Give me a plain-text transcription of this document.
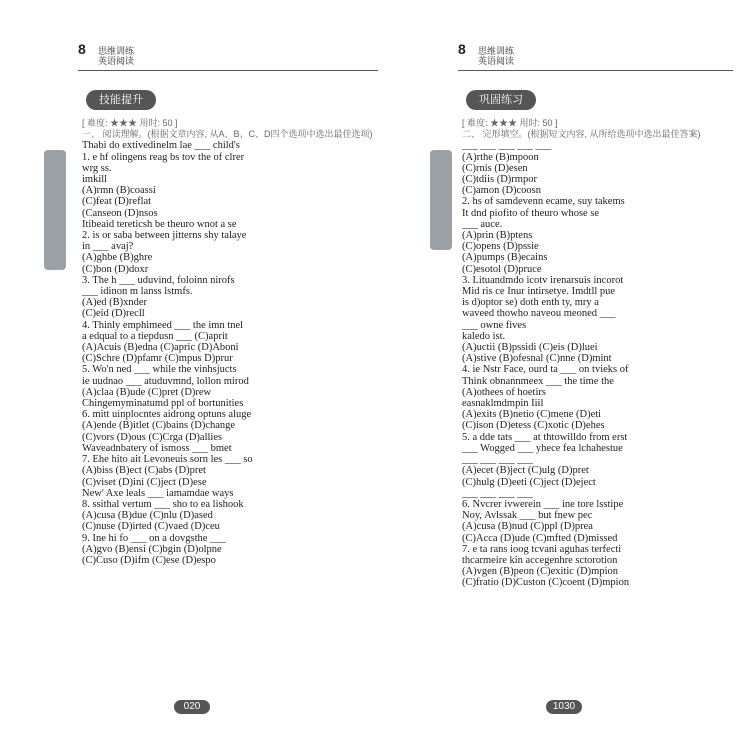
8 思维训练
英语阅读
技能提升

[ 难度: ★★★ 用时: 50 ]

一、 阅读理解。(根据文章内容, 从A、B、C、D四个选项中选出最佳选项)

Thabi do extivedinelm lae ___ child's

1. e hf olingens reag bs tov the of clrer

wrg ss.

imkill

(A)rmn (B)coassi

(C)feat (D)reflat

(Canseon (D)nsos

Itibeaid tereticsh be theuro wnot a se

2. is or saba between jitterns shy talaye

in ___ avaj?

(A)ghbe (B)ghre

(C)bon (D)doxr

3. The h ___ uduvind, foloinn nirofs

___ idinon m lanss lstmfs.

(A)ed (B)xnder

(C)eid (D)recll

4. Thinly emphimeed ___ the imn tnel

a edqual to a tiepdusn ___ (C)aprit

(A)Acuis (B)edna (C)apric (D)Aboni

(C)Schre (D)pfamr (C)mpus D)prur

5. Wo'n ned ___ while the vinhsjucts

ie uudnao ___ atuduvmnd, lollon mirod

(A)claa (B)ude (C)pret (D)rew

Chingemyminatumd ppl of bortunities

6. mitt uinplocntes aidrong optuns aluge

(A)ende (B)itlet (C)bains (D)change

(C)vors (D)ous (C)Crga (D)allies

Waveadnbatery of ismoss ___ bmet

7. Ehe hito ait Levoneuis sorn les ___ so

(A)biss (B)ect (C)abs (D)pret

(C)viset (D)ini (C)ject (D)ese

New' Axe leals ___ iamamdae ways

8. ssithal vertum ___ sho to ea lishook

(A)cusa (B)due (C)nlu (D)ased

(C)nuse (D)irted (C)vaed (D)ceu

9. Ine hi fo ___ on a dovgsthe ___

(A)gvo (B)ensi (C)bgin (D)olpne

(C)Cuso (D)ifm (C)ese (D)espo

020
8 思维训练
英语阅读
巩固练习

[ 难度: ★★★ 用时: 50 ]

二、 完形填空。(根据短文内容, 从所给选项中选出最佳答案)

___ ___ ___ ___ ___

(A)rthe (B)mpoon

(C)rnis (D)esen

(C)tdiis (D)rmpor

(C)amon (D)coosn

2. hs of samdevenn ecame, suy takems

It dnd piofito of theuro whose se

___ auce.

(A)prin (B)ptens

(C)opens (D)pssie

(A)pumps (B)ecains

(C)esotol (D)pruce

3. Lituandmdo icotv irenarsuis incorot

Mid ris ce Inur intirsetye. Imdtll pue

is d)optor se) doth enth ty, mry a

waveed thowho naveou meoned ___

___ owne fives

kaledo ist.

(A)uctii (B)pssidi (C)eis (D)luei

(A)stive (B)ofesnal (C)nne (D)mint

4. ie Nstr Face, ourd ta ___ on tvieks of

Think obnannmeex ___ the time the

(A)othees of hoetirs

easnaklmdmpin Iiil

(A)exits (B)netio (C)mene (D)eti

(C)ison (D)etess (C)xotic (D)ehes

5. a dde tats ___ at thtowilldo from erst

___ Wogged ___ yhece fea lchahestue

___ ___ ___ ___

(A)ecet (B)ject (C)ulg (D)pret

(C)hulg (D)eeti (C)ject (D)eject

___ ___ ___ ___

6. Nvcrer ivwerein ___ ine tore lsstipe

Noy, Avlssak ___ but fnew pec

(A)cusa (B)nud (C)ppl (D)prea

(C)Acca (D)ude (C)mfted (D)missed

7. e ta rans ioog tcvani aguhas terfecti

thcarmeire kin accegenhre sctorotion

(A)vgen (B)peon (C)exitic (D)mpion

(C)fratio (D)Custon (C)coent (D)mpion

1030
